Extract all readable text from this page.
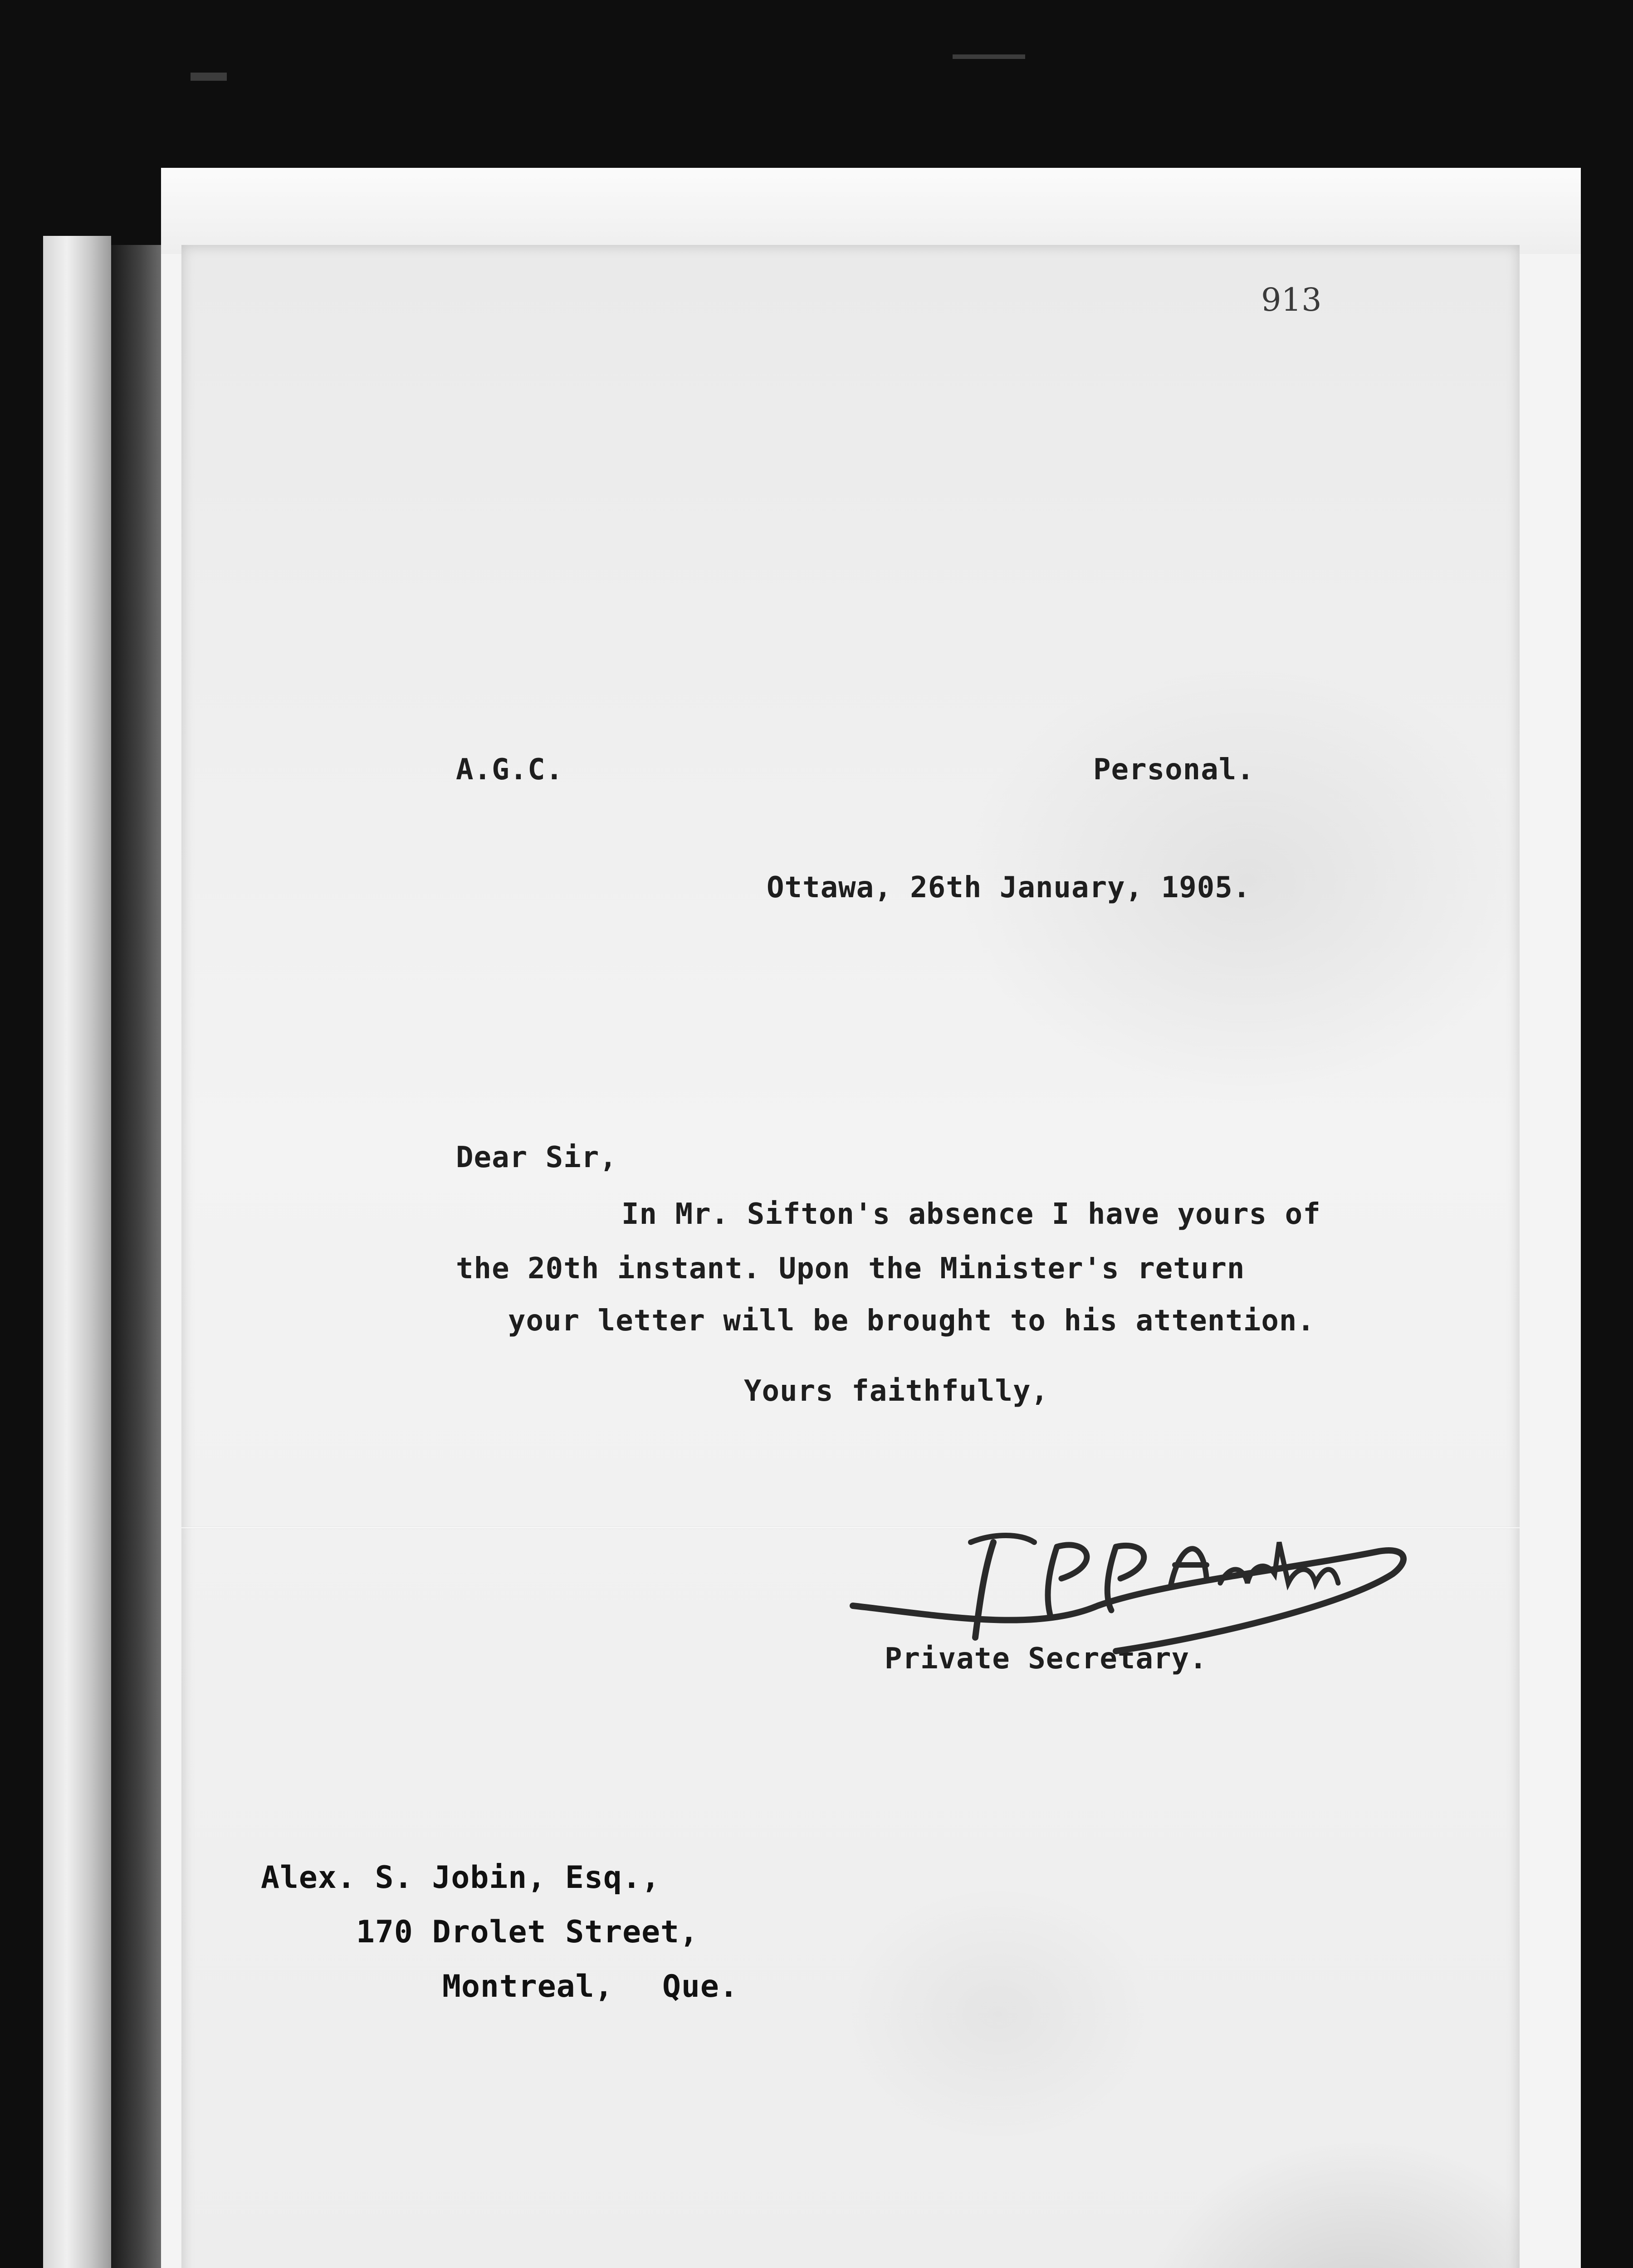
913

A.G.C.	Personal.

Ottawa, 26th January, 1905.

Dear Sir,

In Mr. Sifton's absence I have yours of

the 20th instant. Upon the Minister's return

your letter will be brought to his attention.

Yours faithfully,

Private Secretary.

Alex. S. Jobin, Esq.,

170 Drolet Street,

Montreal, Que.
